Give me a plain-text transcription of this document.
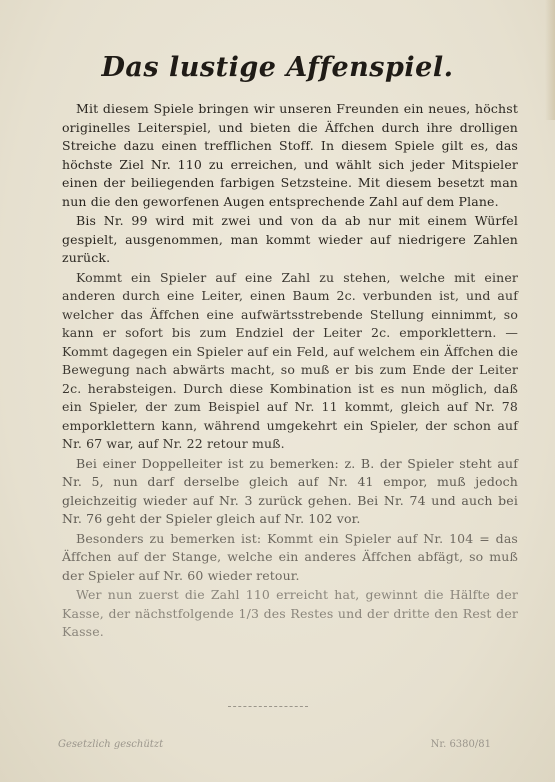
Das lustige Affenspiel.

Mit diesem Spiele bringen wir unseren Freunden ein neues, höchst originelles Leiterspiel, und bieten die Äffchen durch ihre drolligen Streiche dazu einen trefflichen Stoff. In diesem Spiele gilt es, das höchste Ziel Nr. 110 zu erreichen, und wählt sich jeder Mitspieler einen der beiliegenden farbigen Setzsteine. Mit diesem besetzt man nun die den geworfenen Augen entsprechende Zahl auf dem Plane.

Bis Nr. 99 wird mit zwei und von da ab nur mit einem Würfel gespielt, ausgenommen, man kommt wieder auf niedrigere Zahlen zurück.

Kommt ein Spieler auf eine Zahl zu stehen, welche mit einer anderen durch eine Leiter, einen Baum 2c. verbunden ist, und auf welcher das Äffchen eine aufwärtsstrebende Stellung einnimmt, so kann er sofort bis zum Endziel der Leiter 2c. emporklettern. — Kommt dagegen ein Spieler auf ein Feld, auf welchem ein Äffchen die Bewegung nach abwärts macht, so muß er bis zum Ende der Leiter 2c. herabsteigen. Durch diese Kombination ist es nun möglich, daß ein Spieler, der zum Beispiel auf Nr. 11 kommt, gleich auf Nr. 78 emporklettern kann, während umgekehrt ein Spieler, der schon auf Nr. 67 war, auf Nr. 22 retour muß.

Bei einer Doppelleiter ist zu bemerken: z. B. der Spieler steht auf Nr. 5, nun darf derselbe gleich auf Nr. 41 empor, muß jedoch gleichzeitig wieder auf Nr. 3 zurück gehen. Bei Nr. 74 und auch bei Nr. 76 geht der Spieler gleich auf Nr. 102 vor.

Besonders zu bemerken ist: Kommt ein Spieler auf Nr. 104 = das Äffchen auf der Stange, welche ein anderes Äffchen abfägt, so muß der Spieler auf Nr. 60 wieder retour.

Wer nun zuerst die Zahl 110 erreicht hat, gewinnt die Hälfte der Kasse, der nächstfolgende 1/3 des Restes und der dritte den Rest der Kasse.

Gesetzlich geschützt	Nr. 6380/81
